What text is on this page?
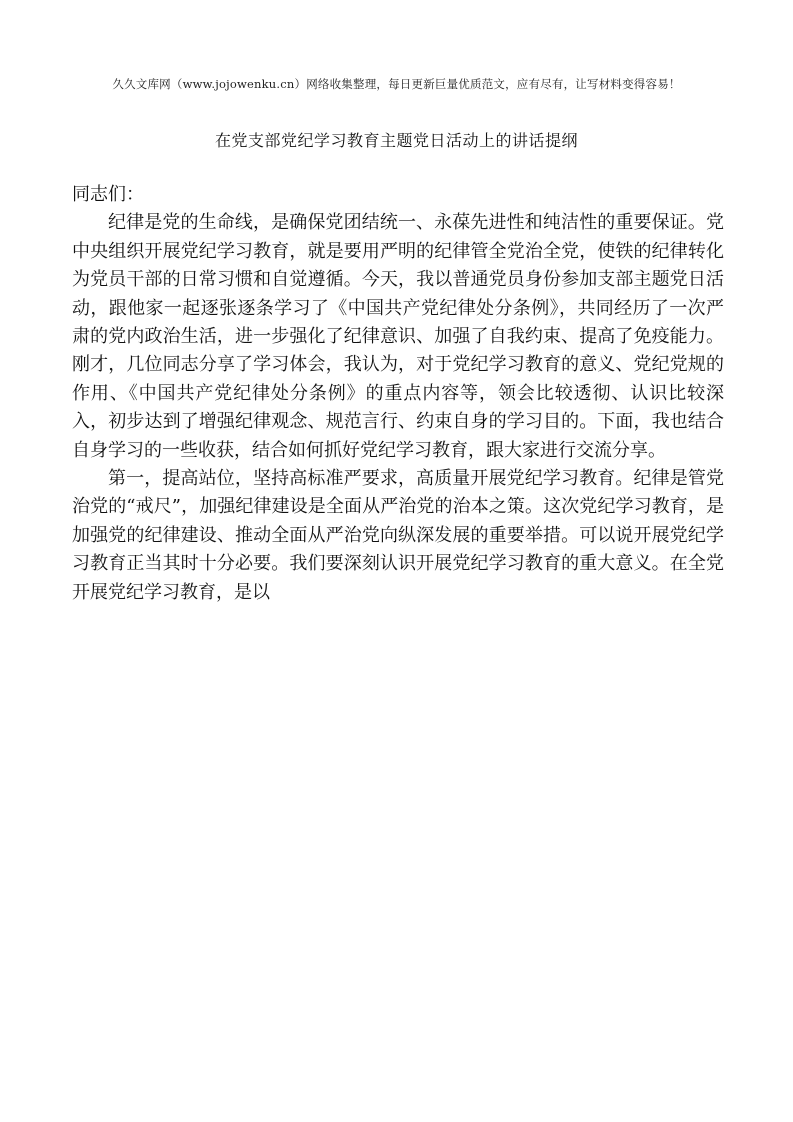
久久文库网（www.jojowenku.cn）网络收集整理，每日更新巨量优质范文，应有尽有，让写材料变得容易！
在党支部党纪学习教育主题党日活动上的讲话提纲

同志们：

纪律是党的生命线，是确保党团结统一、永葆先进性和纯洁性的重要保证。党中央组织开展党纪学习教育，就是要用严明的纪律管全党治全党，使铁的纪律转化为党员干部的日常习惯和自觉遵循。今天，我以普通党员身份参加支部主题党日活动，跟他家一起逐张逐条学习了《中国共产党纪律处分条例》，共同经历了一次严肃的党内政治生活，进一步强化了纪律意识、加强了自我约束、提高了免疫能力。刚才，几位同志分享了学习体会，我认为，对于党纪学习教育的意义、党纪党规的作用、《中国共产党纪律处分条例》的重点内容等，领会比较透彻、认识比较深入，初步达到了增强纪律观念、规范言行、约束自身的学习目的。下面，我也结合自身学习的一些收获，结合如何抓好党纪学习教育，跟大家进行交流分享。

第一，提高站位，坚持高标准严要求，高质量开展党纪学习教育。纪律是管党治党的“戒尺”，加强纪律建设是全面从严治党的治本之策。这次党纪学习教育，是加强党的纪律建设、推动全面从严治党向纵深发展的重要举措。可以说开展党纪学习教育正当其时十分必要。我们要深刻认识开展党纪学习教育的重大意义。在全党开展党纪学习教育，是以
